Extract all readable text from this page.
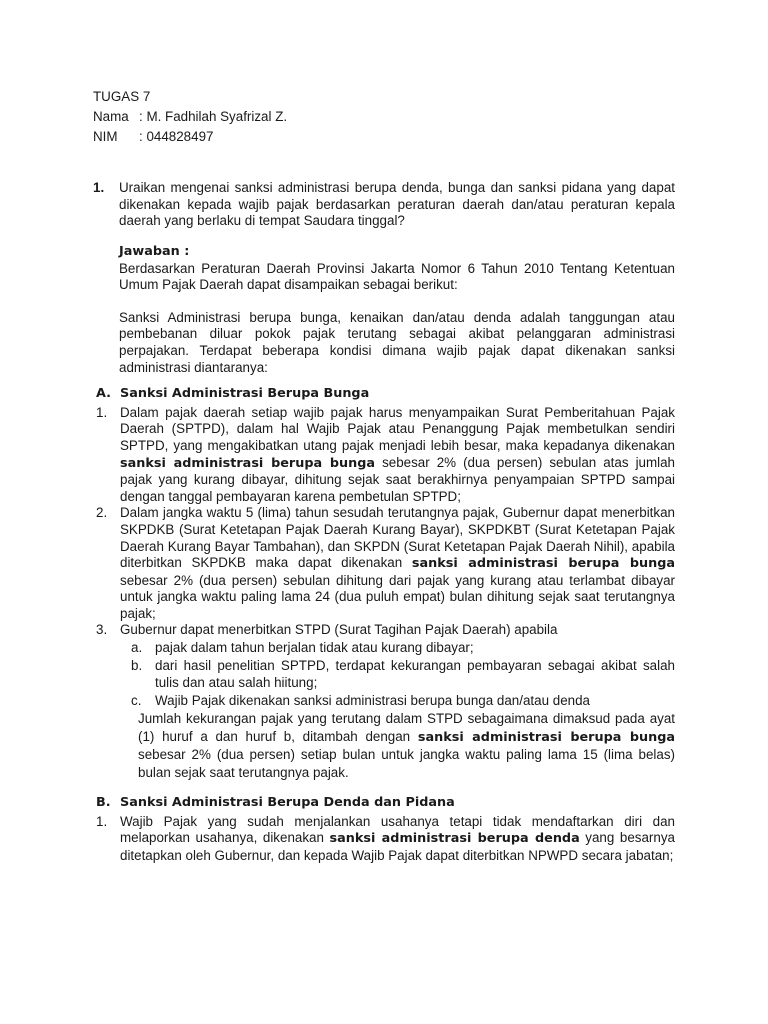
TUGAS 7
Nama : M. Fadhilah Syafrizal Z.
NIM : 044828497
1. Uraikan mengenai sanksi administrasi berupa denda, bunga dan sanksi pidana yang dapat dikenakan kepada wajib pajak berdasarkan peraturan daerah dan/atau peraturan kepala daerah yang berlaku di tempat Saudara tinggal?

Jawaban :

Berdasarkan Peraturan Daerah Provinsi Jakarta Nomor 6 Tahun 2010 Tentang Ketentuan Umum Pajak Daerah dapat disampaikan sebagai berikut:

Sanksi Administrasi berupa bunga, kenaikan dan/atau denda adalah tanggungan atau pembebanan diluar pokok pajak terutang sebagai akibat pelanggaran administrasi perpajakan. Terdapat beberapa kondisi dimana wajib pajak dapat dikenakan sanksi administrasi diantaranya:

A. Sanksi Administrasi Berupa Bunga

1. Dalam pajak daerah setiap wajib pajak harus menyampaikan Surat Pemberitahuan Pajak Daerah (SPTPD), dalam hal Wajib Pajak atau Penanggung Pajak membetulkan sendiri SPTPD, yang mengakibatkan utang pajak menjadi lebih besar, maka kepadanya dikenakan sanksi administrasi berupa bunga sebesar 2% (dua persen) sebulan atas jumlah pajak yang kurang dibayar, dihitung sejak saat berakhirnya penyampaian SPTPD sampai dengan tanggal pembayaran karena pembetulan SPTPD;

2. Dalam jangka waktu 5 (lima) tahun sesudah terutangnya pajak, Gubernur dapat menerbitkan SKPDKB (Surat Ketetapan Pajak Daerah Kurang Bayar), SKPDKBT (Surat Ketetapan Pajak Daerah Kurang Bayar Tambahan), dan SKPDN (Surat Ketetapan Pajak Daerah Nihil), apabila diterbitkan SKPDKB maka dapat dikenakan sanksi administrasi berupa bunga sebesar 2% (dua persen) sebulan dihitung dari pajak yang kurang atau terlambat dibayar untuk jangka waktu paling lama 24 (dua puluh empat) bulan dihitung sejak saat terutangnya pajak;

3. Gubernur dapat menerbitkan STPD (Surat Tagihan Pajak Daerah) apabila

a. pajak dalam tahun berjalan tidak atau kurang dibayar;

b. dari hasil penelitian SPTPD, terdapat kekurangan pembayaran sebagai akibat salah tulis dan atau salah hiitung;

c. Wajib Pajak dikenakan sanksi administrasi berupa bunga dan/atau denda

Jumlah kekurangan pajak yang terutang dalam STPD sebagaimana dimaksud pada ayat (1) huruf a dan huruf b, ditambah dengan sanksi administrasi berupa bunga sebesar 2% (dua persen) setiap bulan untuk jangka waktu paling lama 15 (lima belas) bulan sejak saat terutangnya pajak.

B. Sanksi Administrasi Berupa Denda dan Pidana

1. Wajib Pajak yang sudah menjalankan usahanya tetapi tidak mendaftarkan diri dan melaporkan usahanya, dikenakan sanksi administrasi berupa denda yang besarnya ditetapkan oleh Gubernur, dan kepada Wajib Pajak dapat diterbitkan NPWPD secara jabatan;
